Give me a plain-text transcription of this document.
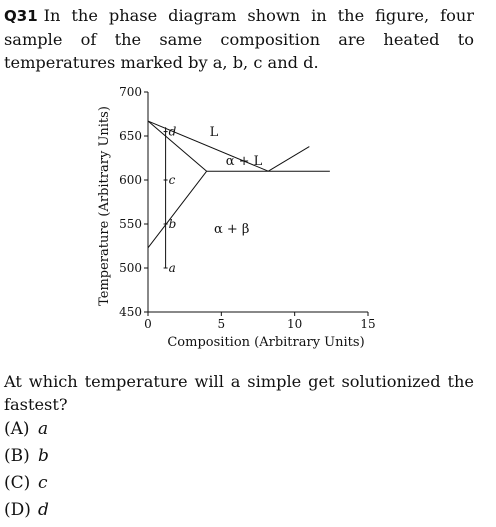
Q31 In the phase diagram shown in the figure, four sample of the same composition are heated to temperatures marked by a, b, c and d.
450
500
550
600
650
700
0	5	10	15
Composition (Arbitrary Units)
Temperature (Arbitrary Units)	a
b
c
d	L
α + L
α + β
At which temperature will a simple get solutionized the fastest?
(A) a
(B) b
(C) c
(D) d
